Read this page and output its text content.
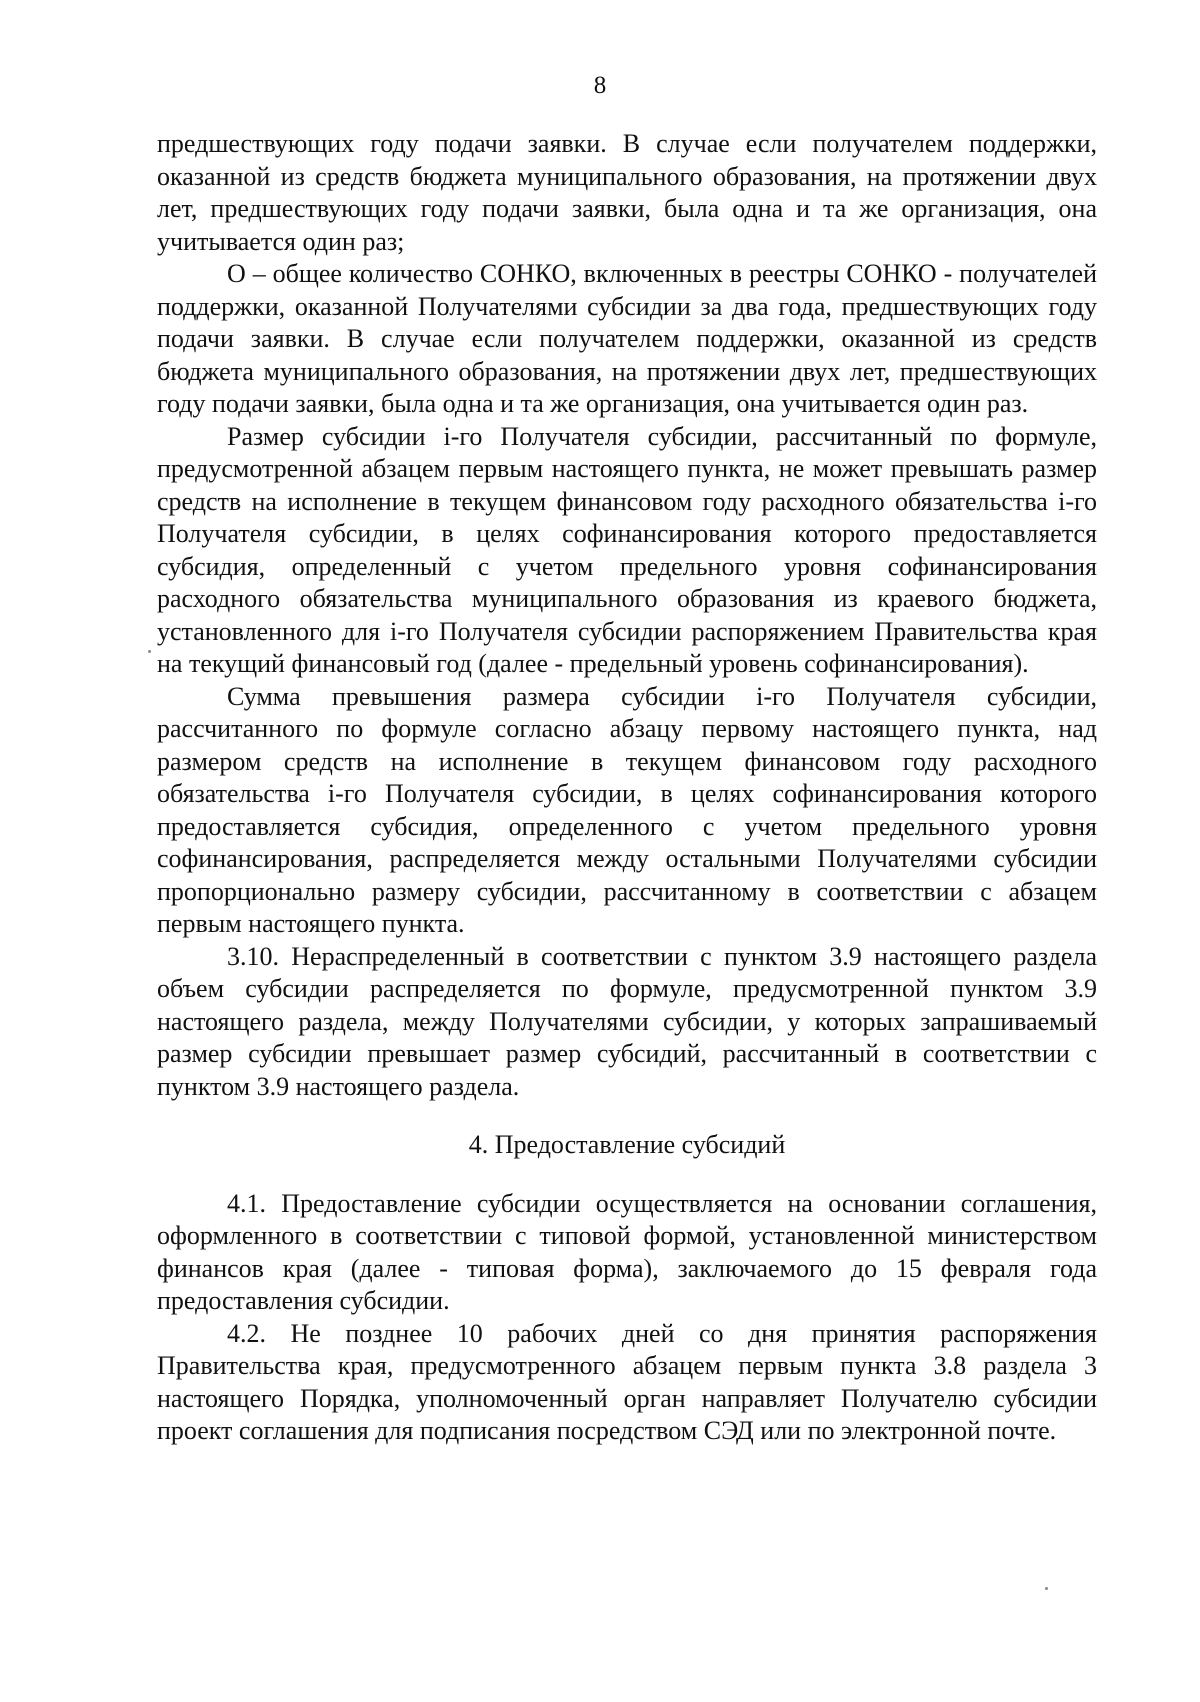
8

предшествующих году подачи заявки. В случае если получателем поддержки, оказанной из средств бюджета муниципального образования, на протяжении двух лет, предшествующих году подачи заявки, была одна и та же организация, она учитывается один раз;

О – общее количество СОНКО, включенных в реестры СОНКО - получателей поддержки, оказанной Получателями субсидии за два года, предшествующих году подачи заявки. В случае если получателем поддержки, оказанной из средств бюджета муниципального образования, на протяжении двух лет, предшествующих году подачи заявки, была одна и та же организация, она учитывается один раз.

Размер субсидии i-го Получателя субсидии, рассчитанный по формуле, предусмотренной абзацем первым настоящего пункта, не может превышать размер средств на исполнение в текущем финансовом году расходного обязательства i-го Получателя субсидии, в целях софинансирования которого предоставляется субсидия, определенный с учетом предельного уровня софинансирования расходного обязательства муниципального образования из краевого бюджета, установленного для i-го Получателя субсидии распоряжением Правительства края на текущий финансовый год (далее - предельный уровень софинансирования).

Сумма превышения размера субсидии i-го Получателя субсидии, рассчитанного по формуле согласно абзацу первому настоящего пункта, над размером средств на исполнение в текущем финансовом году расходного обязательства i-го Получателя субсидии, в целях софинансирования которого предоставляется субсидия, определенного с учетом предельного уровня софинансирования, распределяется между остальными Получателями субсидии пропорционально размеру субсидии, рассчитанному в соответствии с абзацем первым настоящего пункта.

3.10. Нераспределенный в соответствии с пунктом 3.9 настоящего раздела объем субсидии распределяется по формуле, предусмотренной пунктом 3.9 настоящего раздела, между Получателями субсидии, у которых запрашиваемый размер субсидии превышает размер субсидий, рассчитанный в соответствии с пунктом 3.9 настоящего раздела.

4. Предоставление субсидий

4.1. Предоставление субсидии осуществляется на основании соглашения, оформленного в соответствии с типовой формой, установленной министерством финансов края (далее - типовая форма), заключаемого до 15 февраля года предоставления субсидии.

4.2. Не позднее 10 рабочих дней со дня принятия распоряжения Правительства края, предусмотренного абзацем первым пункта 3.8 раздела 3 настоящего Порядка, уполномоченный орган направляет Получателю субсидии проект соглашения для подписания посредством СЭД или по электронной почте.
